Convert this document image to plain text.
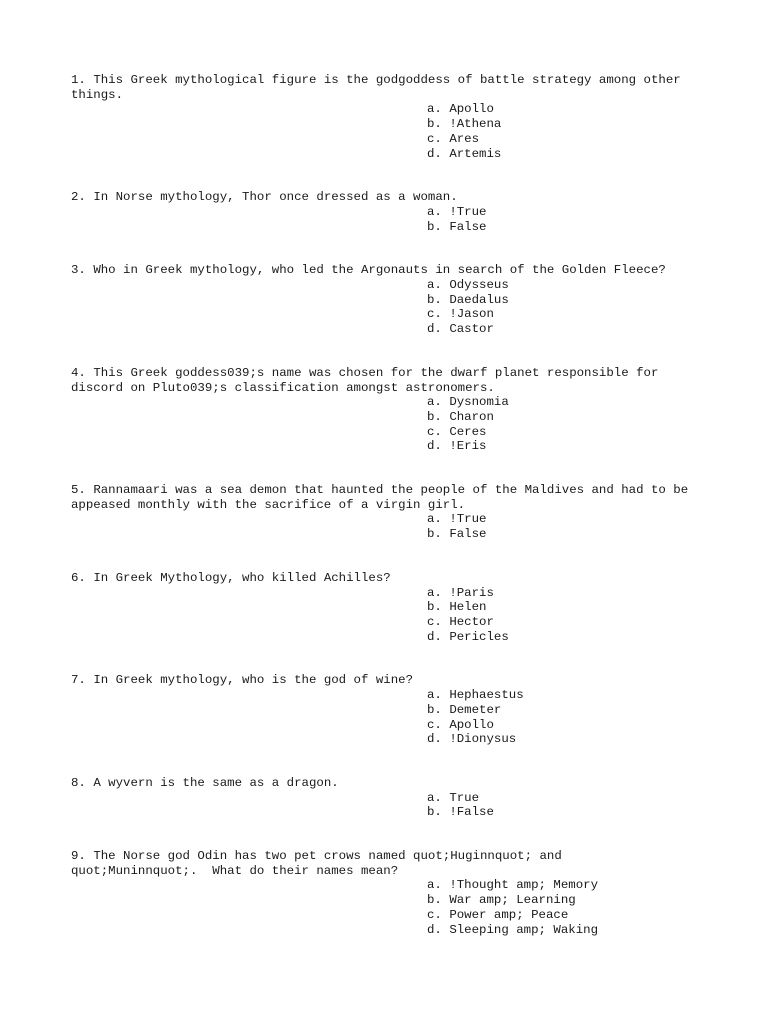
1. This Greek mythological figure is the godgoddess of battle strategy among other
things.

a. Apollo
b. !Athena
c. Ares
d. Artemis

2. In Norse mythology, Thor once dressed as a woman.

a. !True
b. False

3. Who in Greek mythology, who led the Argonauts in search of the Golden Fleece?

a. Odysseus
b. Daedalus
c. !Jason
d. Castor

4. This Greek goddess039;s name was chosen for the dwarf planet responsible for
discord on Pluto039;s classification amongst astronomers.

a. Dysnomia
b. Charon
c. Ceres
d. !Eris

5. Rannamaari was a sea demon that haunted the people of the Maldives and had to be
appeased monthly with the sacrifice of a virgin girl.

a. !True
b. False

6. In Greek Mythology, who killed Achilles?

a. !Paris
b. Helen
c. Hector
d. Pericles

7. In Greek mythology, who is the god of wine?

a. Hephaestus
b. Demeter
c. Apollo
d. !Dionysus

8. A wyvern is the same as a dragon.

a. True
b. !False

9. The Norse god Odin has two pet crows named quot;Huginnquot; and
quot;Muninnquot;.  What do their names mean?

a. !Thought amp; Memory
b. War amp; Learning
c. Power amp; Peace
d. Sleeping amp; Waking
